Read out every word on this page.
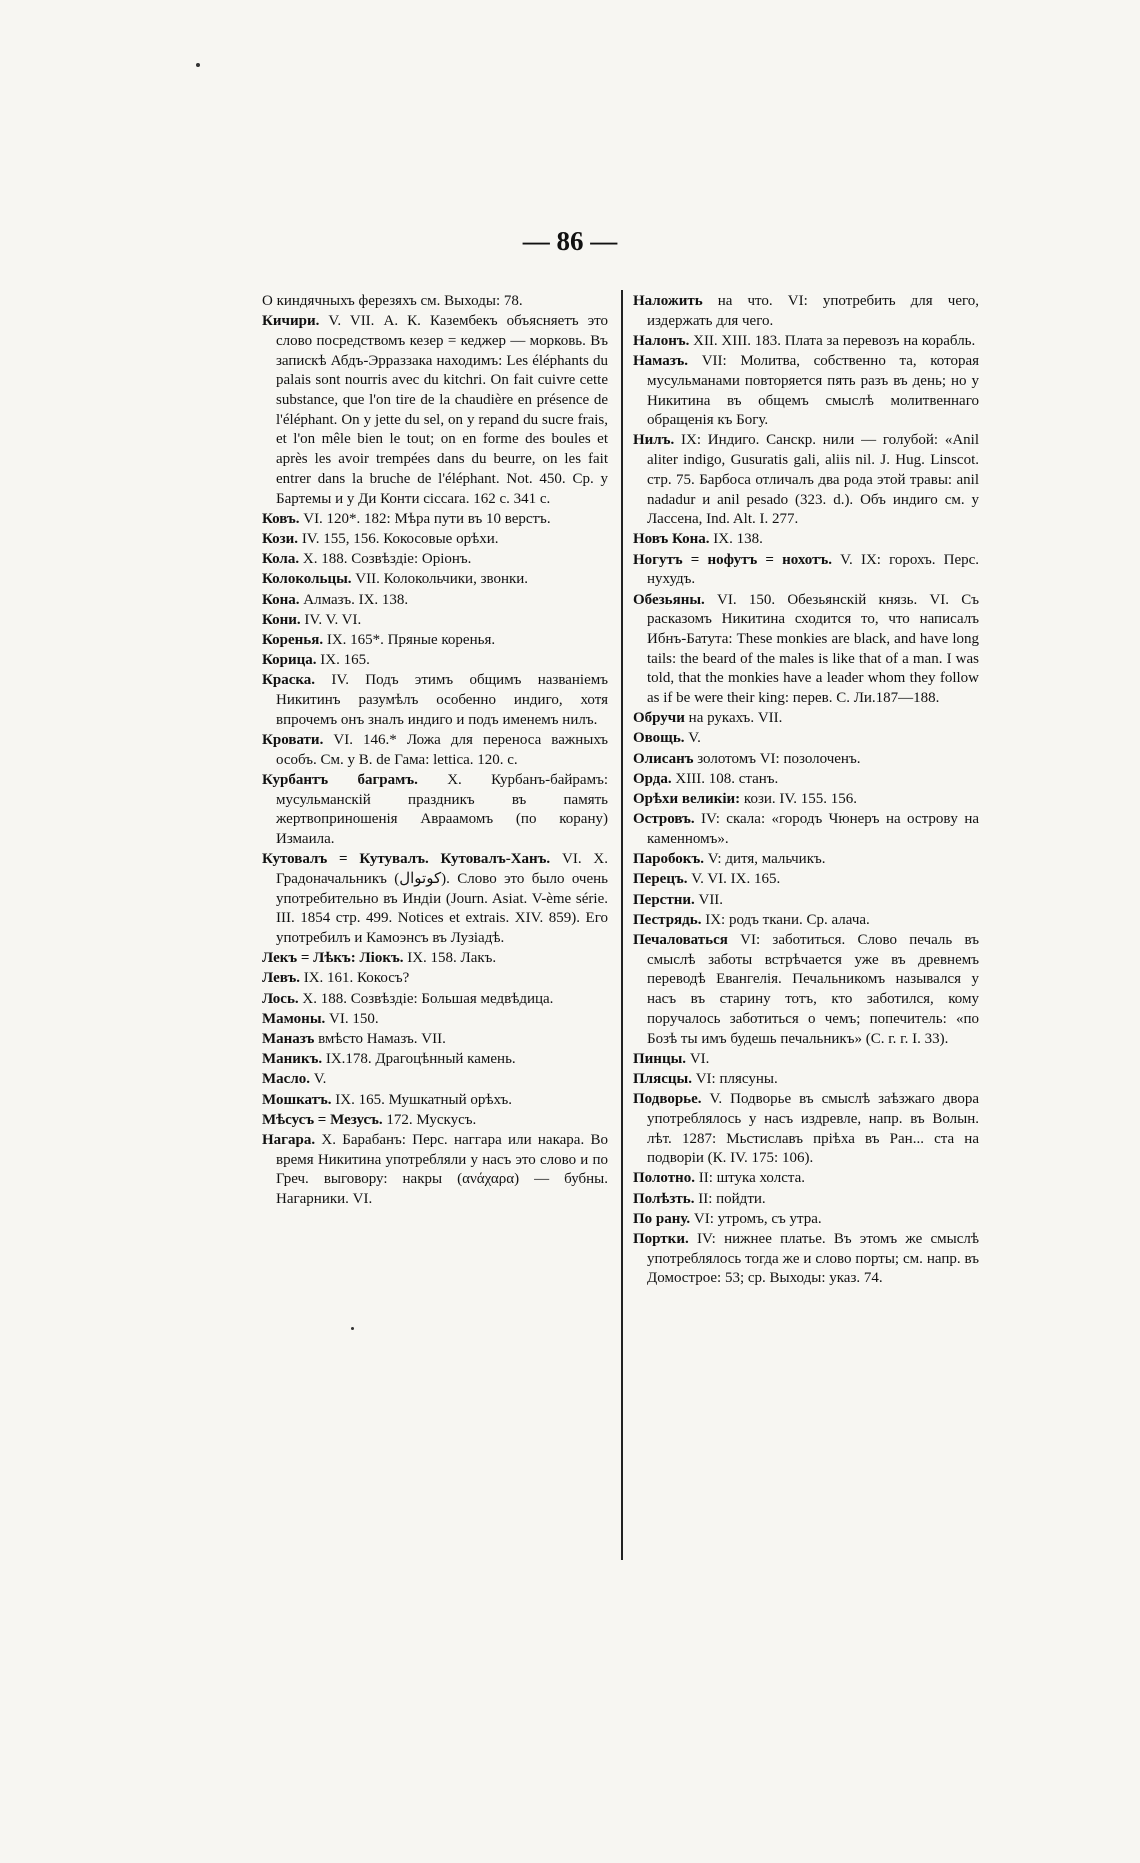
— 86 —

О киндячныхъ ферезяхъ см. Выходы: 78.

Кичири. V. VII. А. К. Казембекъ объясняетъ это слово посредствомъ кезер = кеджер — морковь. Въ запискѣ Абдъ-Эрраззака находимъ: Les éléphants du palais sont nourris avec du kitchri. On fait cuivre cette substance, que l'on tire de la chaudière en présence de l'éléphant. On y jette du sel, on y repand du sucre frais, et l'on mêle bien le tout; on en forme des boules et après les avoir trempées dans du beurre, on les fait entrer dans la bruche de l'éléphant. Not. 450. Ср. у Бартемы и у Ди Конти ciccara. 162 с. 341 с.

Ковъ. VI. 120*. 182: Мѣра пути въ 10 верстъ.

Кози. IV. 155, 156. Кокосовые орѣхи.

Кола. X. 188. Созвѣздіе: Оріонъ.

Колокольцы. VII. Колокольчики, звонки.

Кона. Алмазъ. IX. 138.

Кони. IV. V. VI.

Коренья. IX. 165*. Пряные коренья.

Корица. IX. 165.

Краска. IV. Подъ этимъ общимъ названіемъ Никитинъ разумѣлъ особенно индиго, хотя впрочемъ онъ зналъ индиго и подъ именемъ нилъ.

Кровати. VI. 146.* Ложа для переноса важныхъ особъ. См. у В. de Гама: lettica. 120. с.

Курбантъ баграмъ. X. Курбанъ-байрамъ: мусульманскій праздникъ въ память жертвоприношенія Авраамомъ (по корану) Измаила.

Кутовалъ = Кутувалъ. Кутовалъ-Ханъ. VI. X. Градоначальникъ (کوتوال). Слово это было очень употребительно въ Индіи (Journ. Asiat. V-ème série. III. 1854 стр. 499. Notices et extrais. XIV. 859). Его употребилъ и Камоэнсъ въ Лузіадѣ.

Лекъ = Лѣкъ: Ліокъ. IX. 158. Лакъ.

Левъ. IX. 161. Кокосъ?

Лось. X. 188. Созвѣздіе: Большая медвѣдица.

Мамоны. VI. 150.

Маназъ вмѣсто Намазъ. VII.

Маникъ. IX.178. Драгоцѣнный камень.

Масло. V.

Мошкатъ. IX. 165. Мушкатный орѣхъ.

Мѣсусъ = Мезусъ. 172. Мускусъ.

Нагара. X. Барабанъ: Перс. наггара или накара. Во время Никитина употребляли у насъ это слово и по Греч. выговору: накры (ανάχαρα) — бубны. Нагарники. VI.

Наложить на что. VI: употребить для чего, издержать для чего.

Налонъ. XII. XIII. 183. Плата за перевозъ на корабль.

Намазъ. VII: Молитва, собственно та, которая мусульманами повторяется пять разъ въ день; но у Никитина въ общемъ смыслѣ молитвеннаго обращенія къ Богу.

Нилъ. IX: Индиго. Санскр. нили — голубой: «Anil aliter indigo, Gusuratis gali, aliis nil. J. Hug. Linscot. стр. 75. Барбоса отличалъ два рода этой травы: anil nadadur и anil pesado (323. d.). Объ индиго см. у Лассена, Ind. Alt. I. 277.

Новъ Кона. IX. 138.

Ногутъ = нофутъ = нохотъ. V. IX: горохъ. Перс. нухудъ.

Обезьяны. VI. 150. Обезьянскій князь. VI. Съ расказомъ Никитина сходится то, что написалъ Ибнъ-Батута: These monkies are black, and have long tails: the beard of the males is like that of a man. I was told, that the monkies have a leader whom they follow as if be were their king: перев. С. Ли.187—188.

Обручи на рукахъ. VII.

Овощь. V.

Олисанъ золотомъ VI: позолоченъ.

Орда. XIII. 108. станъ.

Орѣхи великіи: кози. IV. 155. 156.

Островъ. IV: скала: «городъ Чюнеръ на островy на каменномъ».

Паробокъ. V: дитя, мальчикъ.

Перецъ. V. VI. IX. 165.

Перстни. VII.

Пестрядь. IX: родъ ткани. Ср. алача.

Печаловаться VI: заботиться. Слово печаль въ смыслѣ заботы встрѣчается уже въ древнемъ переводѣ Евангелія. Печальникомъ назывался у насъ въ старину тотъ, кто заботился, кому поручалось заботиться о чемъ; попечитель: «по Бозѣ ты имъ будешь печальникъ» (С. г. г. I. 33).

Пинцы. VI.

Плясцы. VI: плясуны.

Подворье. V. Подворье въ смыслѣ заѣзжаго двора употреблялось у насъ издревле, напр. въ Волын. лѣт. 1287: Мьстиславъ пріѣха въ Ран... ста на подворіи (К. IV. 175: 106).

Полотно. II: штука холста.

Полѣзть. II: пойдти.

По рану. VI: утромъ, съ утра.

Портки. IV: нижнее платье. Въ этомъ же смыслѣ употреблялось тогда же и слово порты; см. напр. въ Домострое: 53; ср. Выходы: указ. 74.
